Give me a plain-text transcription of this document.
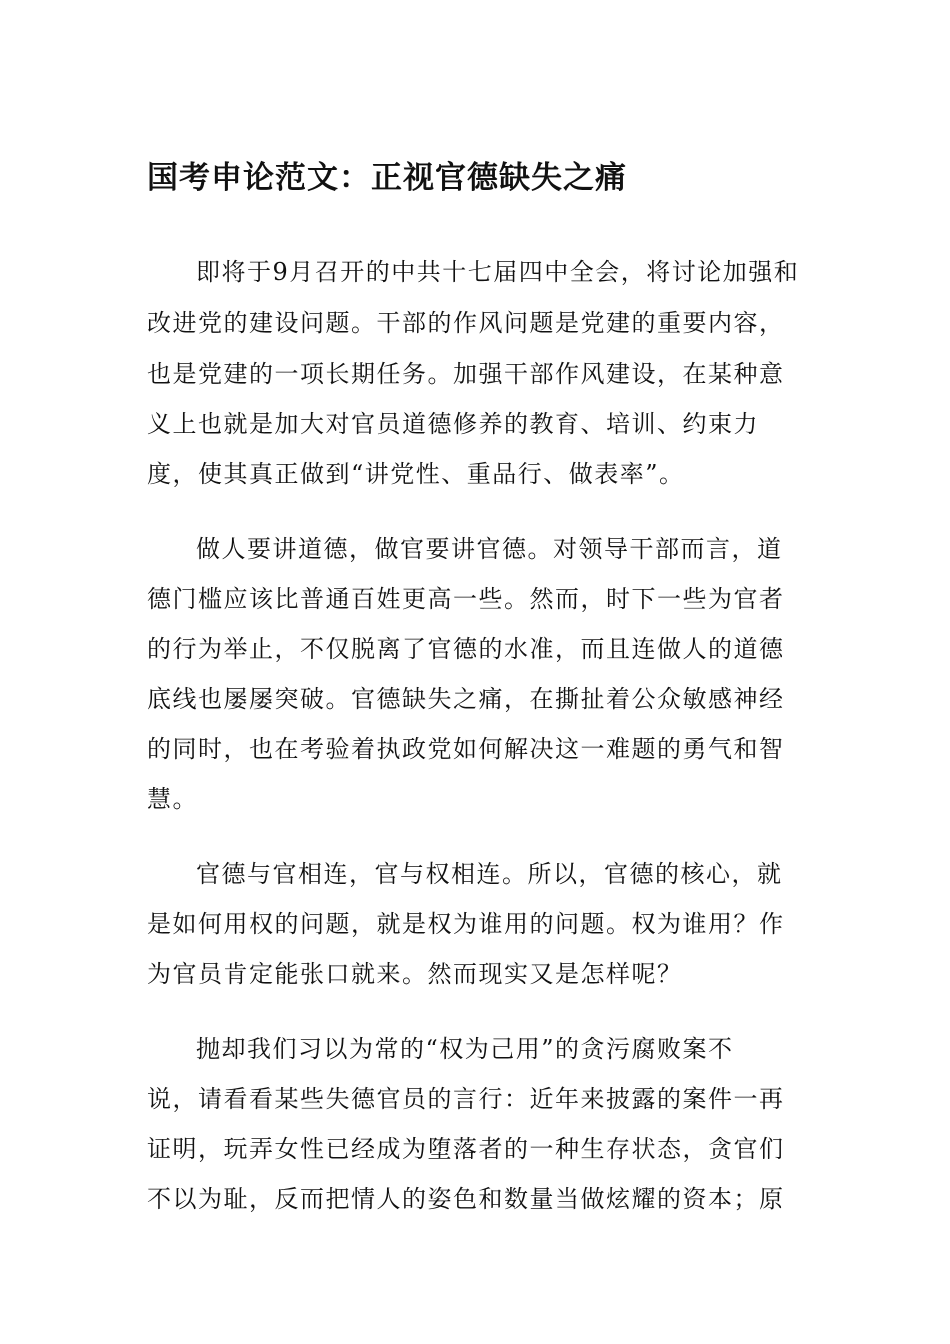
国考申论范文：正视官德缺失之痛

即将于9月召开的中共十七届四中全会，将讨论加强和

改进党的建设问题。干部的作风问题是党建的重要内容，

也是党建的一项长期任务。加强干部作风建设，在某种意

义上也就是加大对官员道德修养的教育、培训、约束力

度，使其真正做到“讲党性、重品行、做表率”。

做人要讲道德，做官要讲官德。对领导干部而言，道

德门槛应该比普通百姓更高一些。然而，时下一些为官者

的行为举止，不仅脱离了官德的水准，而且连做人的道德

底线也屡屡突破。官德缺失之痛，在撕扯着公众敏感神经

的同时，也在考验着执政党如何解决这一难题的勇气和智

慧。

官德与官相连，官与权相连。所以，官德的核心，就

是如何用权的问题，就是权为谁用的问题。权为谁用？作

为官员肯定能张口就来。然而现实又是怎样呢？

抛却我们习以为常的“权为己用”的贪污腐败案不

说，请看看某些失德官员的言行：近年来披露的案件一再

证明，玩弄女性已经成为堕落者的一种生存状态，贪官们

不以为耻，反而把情人的姿色和数量当做炫耀的资本；原
